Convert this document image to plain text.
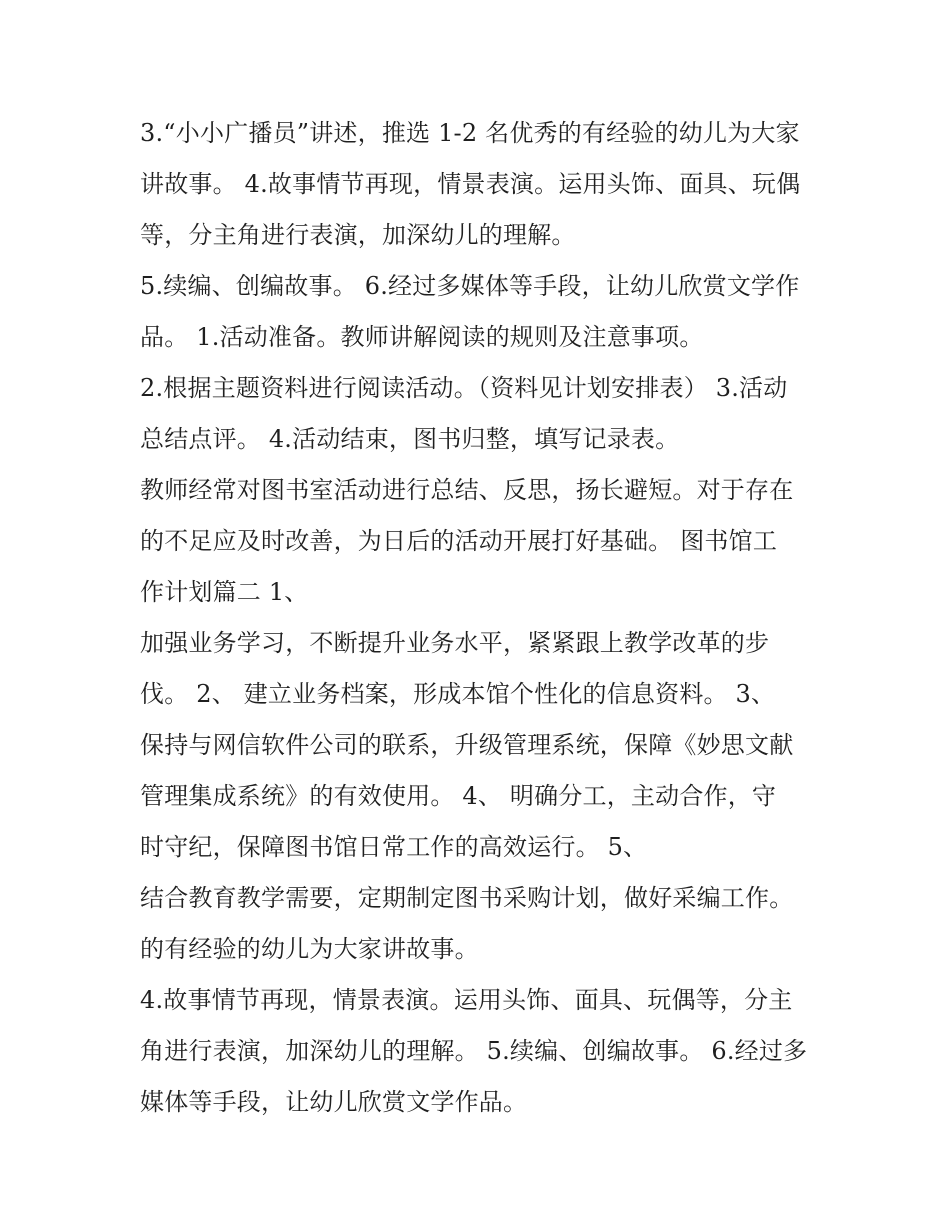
3.“小小广播员”讲述，推选 1-2 名优秀的有经验的幼儿为大家
讲故事。 4.故事情节再现，情景表演。运用头饰、面具、玩偶
等，分主角进行表演，加深幼儿的理解。
5.续编、创编故事。 6.经过多媒体等手段，让幼儿欣赏文学作
品。 1.活动准备。教师讲解阅读的规则及注意事项。
2.根据主题资料进行阅读活动。（资料见计划安排表） 3.活动
总结点评。 4.活动结束，图书归整，填写记录表。
教师经常对图书室活动进行总结、反思，扬长避短。对于存在
的不足应及时改善，为日后的活动开展打好基础。 图书馆工
作计划篇二 1、
加强业务学习，不断提升业务水平，紧紧跟上教学改革的步
伐。 2、 建立业务档案，形成本馆个性化的信息资料。 3、
保持与网信软件公司的联系，升级管理系统，保障《妙思文献
管理集成系统》的有效使用。 4、 明确分工，主动合作，守
时守纪，保障图书馆日常工作的高效运行。 5、
结合教育教学需要，定期制定图书采购计划，做好采编工作。
的有经验的幼儿为大家讲故事。
4.故事情节再现，情景表演。运用头饰、面具、玩偶等，分主
角进行表演，加深幼儿的理解。 5.续编、创编故事。 6.经过多
媒体等手段，让幼儿欣赏文学作品。
